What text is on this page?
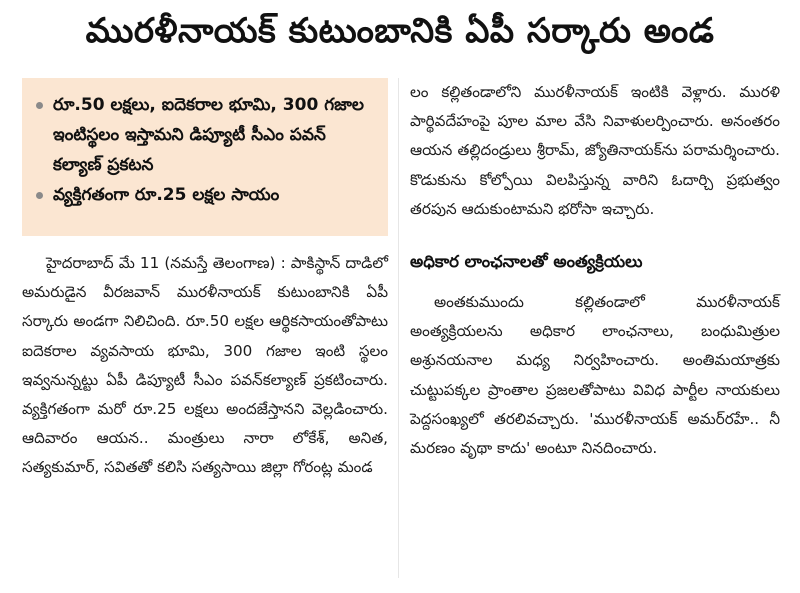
మురళీనాయక్ కుటుంబానికి ఏపీ సర్కారు అండ
రూ.50 లక్షలు, ఐదెకరాల భూమి, 300 గజాల ఇంటిస్థలం ఇస్తామని డిప్యూటీ సీఎం పవన్ కల్యాణ్ ప్రకటన
వ్యక్తిగతంగా రూ.25 లక్షల సాయం

హైదరాబాద్ మే 11 (నమస్తే తెలంగాణ) : పాకిస్థాన్ దాడిలో అమరుడైన వీరజవాన్ మురళీనాయక్ కుటుంబానికి ఏపీ సర్కారు అండగా నిలిచింది. రూ.50 లక్షల ఆర్థికసాయంతోపాటు ఐదెకరాల వ్యవసాయ భూమి, 300 గజాల ఇంటి స్థలం ఇవ్వనున్నట్టు ఏపీ డిప్యూటీ సీఎం పవన్‌కల్యాణ్ ప్రకటించారు. వ్యక్తిగతంగా మరో రూ.25 లక్షలు అందజేస్తానని వెల్లడించారు. ఆదివారం ఆయన.. మంత్రులు నారా లోకేశ్, అనిత, సత్యకుమార్, సవితతో కలిసి సత్యసాయి జిల్లా గోరంట్ల మండ

లం కల్లితండాలోని మురళీనాయక్ ఇంటికి వెళ్లారు. మురళి పార్థివదేహంపై పూల మాల వేసి నివాళులర్పించారు. అనంతరం ఆయన తల్లిదండ్రులు శ్రీరామ్, జ్యోతినాయక్‌ను పరామర్శించారు. కొడుకును కోల్పోయి విలపిస్తున్న వారిని ఓదార్చి ప్రభుత్వం తరపున ఆదుకుంటామని భరోసా ఇచ్చారు.

అధికార లాంఛనాలతో అంత్యక్రియలు

అంతకుముందు కల్లితండాలో మురళీనాయక్ అంత్యక్రియలను అధికార లాంఛనాలు, బంధుమిత్రుల అశ్రునయనాల మధ్య నిర్వహించారు. అంతిమయాత్రకు చుట్టుపక్కల ప్రాంతాల ప్రజలతోపాటు వివిధ పార్టీల నాయకులు పెద్దసంఖ్యలో తరలివచ్చారు. 'మురళీనాయక్ అమర్‌రహే.. నీ మరణం వృథా కాదు' అంటూ నినదించారు.
